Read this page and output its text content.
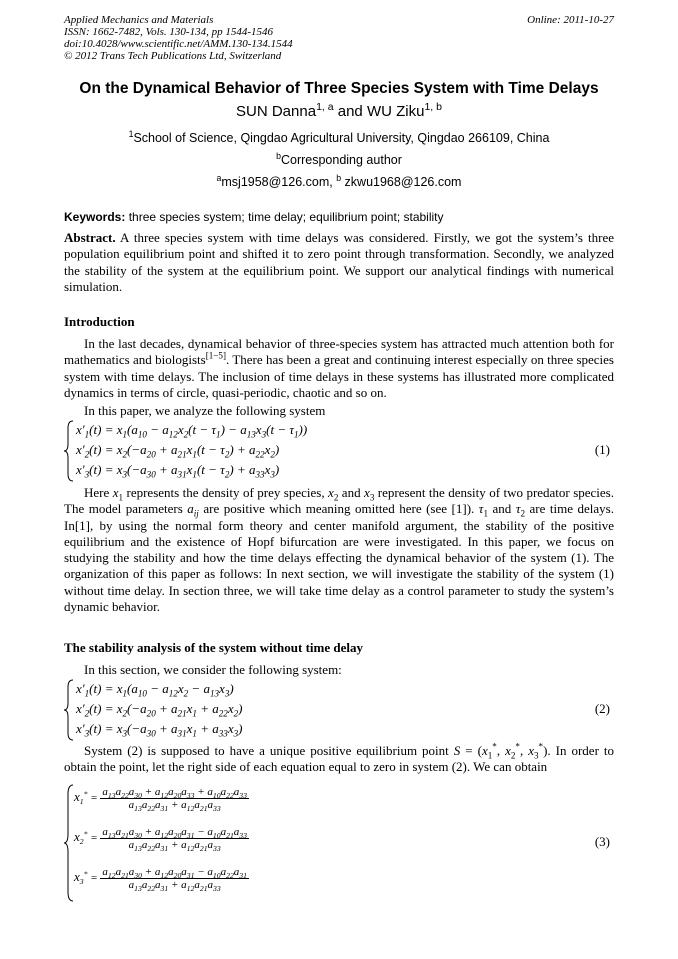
Applied Mechanics and Materials
ISSN: 1662-7482, Vols. 130-134, pp 1544-1546
doi:10.4028/www.scientific.net/AMM.130-134.1544
© 2012 Trans Tech Publications Ltd, Switzerland
Online: 2011-10-27
On the Dynamical Behavior of Three Species System with Time Delays
SUN Danna$^{1, a}$ and WU Ziku$^{1, b}$
$^1$School of Science, Qingdao Agricultural University, Qingdao 266109, China
$^b$Corresponding author
$^a$msj1958@126.com, $^b$ zkwu1968@126.com
Keywords: three species system; time delay; equilibrium point; stability
Abstract. A three species system with time delays was considered. Firstly, we got the system’s three population equilibrium point and shifted it to zero point through transformation. Secondly, we analyzed the stability of the system at the equilibrium point. We support our analytical findings with numerical simulation.
Introduction
In the last decades, dynamical behavior of three-species system has attracted much attention both for mathematics and biologists[1−5]. There has been a great and continuing interest especially on three species system with time delays. The inclusion of time delays in these systems has illustrated more complicated dynamics in terms of circle, quasi-periodic, chaotic and so on.
In this paper, we analyze the following system
$x'_1(t) = x_1(a_{10} - a_{12}x_2(t - \tau_1) - a_{13}x_3(t - \tau_1))$
$x'_2(t) = x_2(-a_{20} + a_{21}x_1(t - \tau_2) + a_{22}x_2)$
$x'_3(t) = x_3(-a_{30} + a_{31}x_1(t - \tau_2) + a_{33}x_3)$
(1)
Here $x_1$ represents the density of prey species, $x_2$ and $x_3$ represent the density of two predator species. The model parameters $a_{ij}$ are positive which meaning omitted here (see [1]). $\tau_1$ and $\tau_2$ are time delays. In[1], by using the normal form theory and center manifold argument, the stability of the positive equilibrium and the existence of Hopf bifurcation are were investigated. In this paper, we focus on studying the stability and how the time delays effecting the dynamical behavior of the system (1). The organization of this paper as follows: In next section, we will investigate the stability of the system (1) without time delay. In section three, we will take time delay as a control parameter to study the system’s dynamic behavior.
The stability analysis of the system without time delay
In this section, we consider the following system:
$x'_1(t) = x_1(a_{10} - a_{12}x_2 - a_{13}x_3)$
$x'_2(t) = x_2(-a_{20} + a_{21}x_1 + a_{22}x_2)$
$x'_3(t) = x_3(-a_{30} + a_{31}x_1 + a_{33}x_3)$
(2)
System (2) is supposed to have a unique positive equilibrium point $S = (x_1^*$, $x_2^*$, $x_3^*$). In order to obtain the point, let the right side of each equation equal to zero in system (2). We can obtain
$x_1^* = \frac{a_{13}a_{22}a_{30} + a_{12}a_{20}a_{33} + a_{10}a_{22}a_{33}}{a_{13}a_{22}a_{31} + a_{12}a_{21}a_{33}}$
$x_2^* = \frac{a_{13}a_{21}a_{30} + a_{12}a_{20}a_{31} - a_{10}a_{21}a_{33}}{a_{13}a_{22}a_{31} + a_{12}a_{21}a_{33}}$
$x_3^* = \frac{a_{12}a_{21}a_{30} + a_{12}a_{20}a_{31} - a_{10}a_{22}a_{31}}{a_{13}a_{22}a_{31} + a_{12}a_{21}a_{33}}$
(3)
